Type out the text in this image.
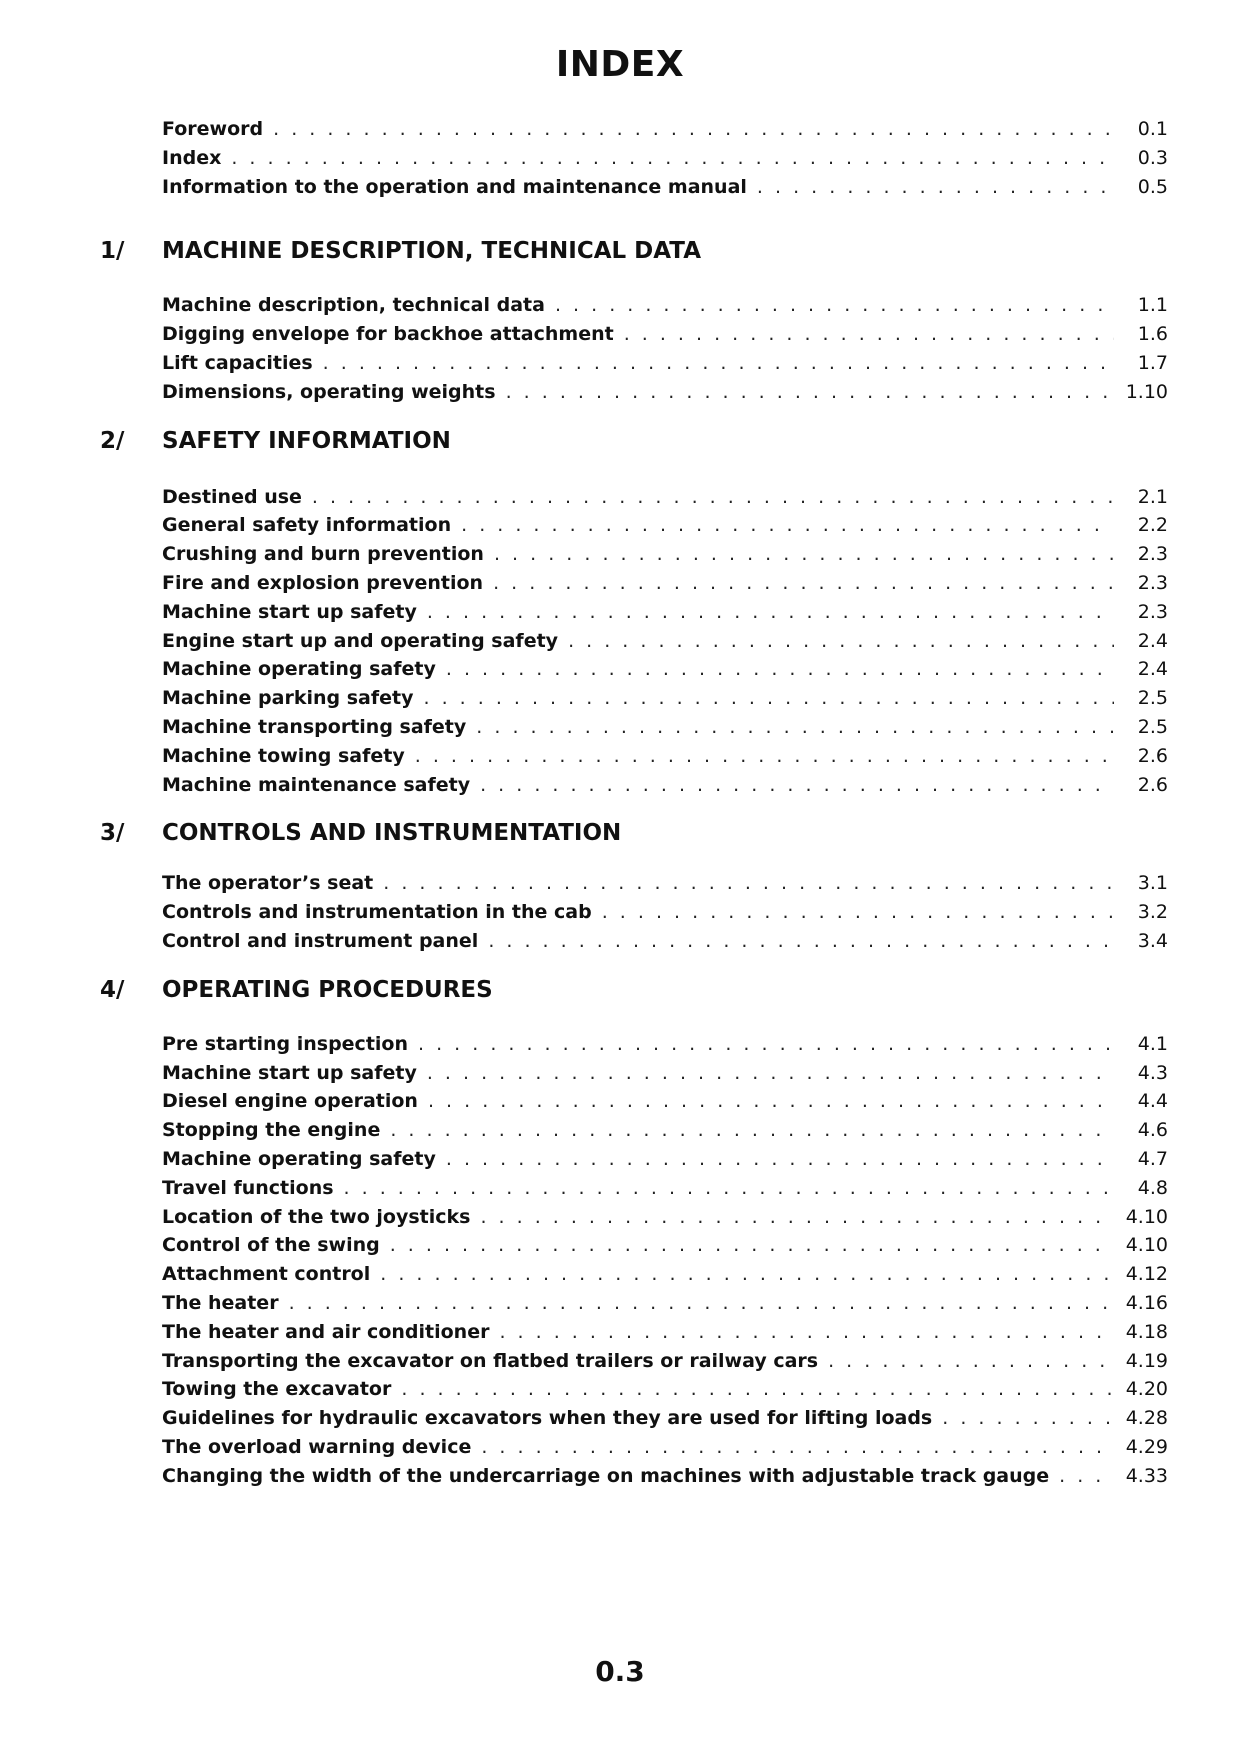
INDEX
Foreword . . .	0.1
Index . . .	0.3
Information to the operation and maintenance manual . . .	0.5
1/	MACHINE DESCRIPTION, TECHNICAL DATA
Machine description, technical data . . .	1.1
Digging envelope for backhoe attachment . . .	1.6
Lift capacities . . .	1.7
Dimensions, operating weights . . .	1.10
2/	SAFETY INFORMATION
Destined use . . .	2.1
General safety information . . .	2.2
Crushing and burn prevention . . .	2.3
Fire and explosion prevention . . .	2.3
Machine start up safety . . .	2.3
Engine start up and operating safety . . .	2.4
Machine operating safety . . .	2.4
Machine parking safety . . .	2.5
Machine transporting safety . . .	2.5
Machine towing safety . . .	2.6
Machine maintenance safety . . .	2.6
3/	CONTROLS AND INSTRUMENTATION
The operator’s seat . . .	3.1
Controls and instrumentation in the cab . . .	3.2
Control and instrument panel . . .	3.4
4/	OPERATING PROCEDURES
Pre starting inspection . . .	4.1
Machine start up safety . . .	4.3
Diesel engine operation . . .	4.4
Stopping the engine . . .	4.6
Machine operating safety . . .	4.7
Travel functions . . .	4.8
Location of the two joysticks . . .	4.10
Control of the swing . . .	4.10
Attachment control . . .	4.12
The heater . . .	4.16
The heater and air conditioner . . .	4.18
Transporting the excavator on flatbed trailers or railway cars . . .	4.19
Towing the excavator . . .	4.20
Guidelines for hydraulic excavators when they are used for lifting loads . . .	4.28
The overload warning device . . .	4.29
Changing the width of the undercarriage on machines with adjustable track gauge . . .	4.33
0.3
